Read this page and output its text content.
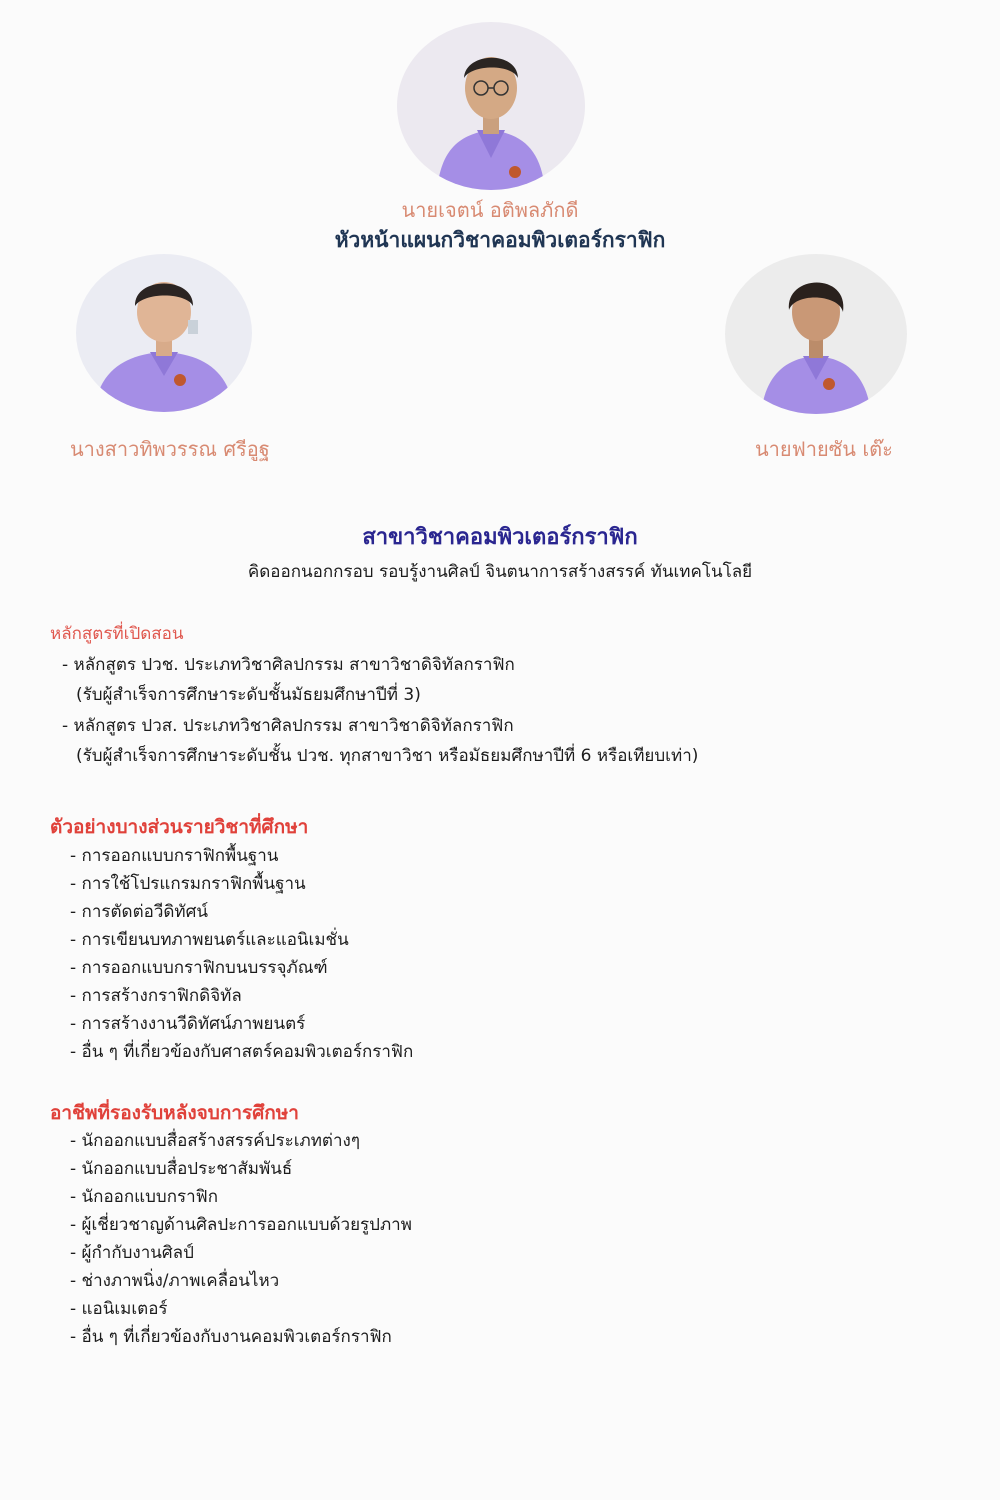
นายเจตน์ อติพลภักดี
หัวหน้าแผนกวิชาคอมพิวเตอร์กราฟิก
นางสาวทิพวรรณ ศรีอูฐ	นายฟายซัน เต๊ะ
สาขาวิชาคอมพิวเตอร์กราฟิก
คิดออกนอกกรอบ รอบรู้งานศิลป์ จินตนาการสร้างสรรค์ ทันเทคโนโลยี
หลักสูตรที่เปิดสอน
- หลักสูตร ปวช. ประเภทวิชาศิลปกรรม สาขาวิชาดิจิทัลกราฟิก
(รับผู้สำเร็จการศึกษาระดับชั้นมัธยมศึกษาปีที่ 3)
- หลักสูตร ปวส. ประเภทวิชาศิลปกรรม สาขาวิชาดิจิทัลกราฟิก
(รับผู้สำเร็จการศึกษาระดับชั้น ปวช. ทุกสาขาวิชา หรือมัธยมศึกษาปีที่ 6 หรือเทียบเท่า)
ตัวอย่างบางส่วนรายวิชาที่ศึกษา
- การออกแบบกราฟิกพื้นฐาน
- การใช้โปรแกรมกราฟิกพื้นฐาน
- การตัดต่อวีดิทัศน์
- การเขียนบทภาพยนตร์และแอนิเมชั่น
- การออกแบบกราฟิกบนบรรจุภัณฑ์
- การสร้างกราฟิกดิจิทัล
- การสร้างงานวีดิทัศน์ภาพยนตร์
- อื่น ๆ ที่เกี่ยวข้องกับศาสตร์คอมพิวเตอร์กราฟิก
อาชีพที่รองรับหลังจบการศึกษา
- นักออกแบบสื่อสร้างสรรค์ประเภทต่างๆ
- นักออกแบบสื่อประชาสัมพันธ์
- นักออกแบบกราฟิก
- ผู้เชี่ยวชาญด้านศิลปะการออกแบบด้วยรูปภาพ
- ผู้กำกับงานศิลป์
- ช่างภาพนิ่ง/ภาพเคลื่อนไหว
- แอนิเมเตอร์
- อื่น ๆ ที่เกี่ยวข้องกับงานคอมพิวเตอร์กราฟิก
